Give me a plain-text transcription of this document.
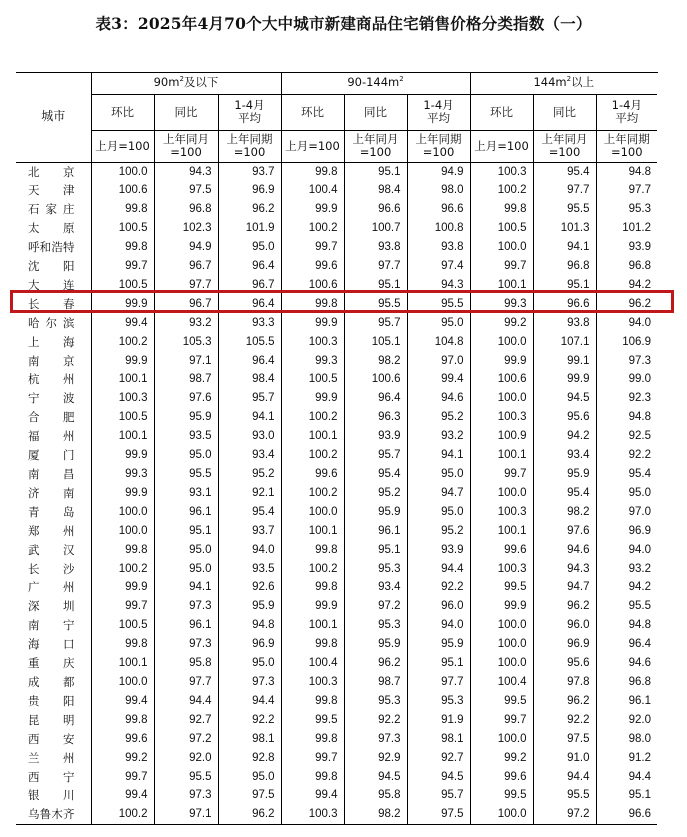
表3：2025年4月70个大中城市新建商品住宅销售价格分类指数（一）
城市	$90m^2$及以下			$90-144m^2$			$144m^2$以上		
	环比	同比	1-4月平均	环比	同比	1-4月平均	环比	同比	1-4月平均

	上月=100	上年同月=100	上年同期=100	上月=100	上年同月=100	上年同期=100	上月=100	上年同月=100	上年同期=100

北京	100.0	94.3	93.7	99.8	95.1	94.9	100.3	95.4	94.8
天津	100.6	97.5	96.9	100.4	98.4	98.0	100.2	97.7	97.7
石家庄	99.8	96.8	96.2	99.9	96.6	96.6	99.8	95.5	95.3
太原	100.5	102.3	101.9	100.2	100.7	100.8	100.5	101.3	101.2
呼和浩特	99.8	94.9	95.0	99.7	93.8	93.8	100.0	94.1	93.9
沈阳	99.7	96.7	96.4	99.6	97.7	97.4	99.7	96.8	96.8
大连	100.5	97.7	96.7	100.6	95.1	94.3	100.1	95.1	94.2
长春	99.9	96.7	96.4	99.8	95.5	95.5	99.3	96.6	96.2
哈尔滨	99.4	93.2	93.3	99.9	95.7	95.0	99.2	93.8	94.0
上海	100.2	105.3	105.5	100.3	105.1	104.8	100.0	107.1	106.9
南京	99.9	97.1	96.4	99.3	98.2	97.0	99.9	99.1	97.3
杭州	100.1	98.7	98.4	100.5	100.6	99.4	100.6	99.9	99.0
宁波	100.3	97.6	95.7	99.9	96.4	94.6	100.0	94.5	92.3
合肥	100.5	95.9	94.1	100.2	96.3	95.2	100.3	95.6	94.8
福州	100.1	93.5	93.0	100.1	93.9	93.2	100.9	94.2	92.5
厦门	99.9	95.0	93.4	100.2	95.7	94.1	100.1	93.4	92.2
南昌	99.3	95.5	95.2	99.6	95.4	95.0	99.7	95.9	95.4
济南	99.9	93.1	92.1	100.2	95.2	94.7	100.0	95.4	95.0
青岛	100.0	96.1	95.4	100.0	95.9	95.0	100.3	98.2	97.0
郑州	100.0	95.1	93.7	100.1	96.1	95.2	100.1	97.6	96.9
武汉	99.8	95.0	94.0	99.8	95.1	93.9	99.6	94.6	94.0
长沙	100.2	95.0	93.5	100.2	95.3	94.4	100.3	94.3	93.2
广州	99.9	94.1	92.6	99.8	93.4	92.2	99.5	94.7	94.2
深圳	99.7	97.3	95.9	99.9	97.2	96.0	99.9	96.2	95.5
南宁	100.5	96.1	94.8	100.1	95.3	94.0	100.0	96.0	94.8
海口	99.8	97.3	96.9	99.8	95.9	95.9	100.0	96.9	96.4
重庆	100.1	95.8	95.0	100.4	96.2	95.1	100.0	95.6	94.6
成都	100.0	97.7	97.3	100.3	98.7	97.7	100.4	97.8	96.8
贵阳	99.4	94.4	94.4	99.8	95.3	95.3	99.5	96.2	96.1
昆明	99.8	92.7	92.2	99.5	92.2	91.9	99.7	92.2	92.0
西安	99.6	97.2	98.1	99.8	97.3	98.1	100.0	97.5	98.0
兰州	99.2	92.0	92.8	99.7	92.9	92.7	99.2	91.0	91.2
西宁	99.7	95.5	95.0	99.8	94.5	94.5	99.6	94.4	94.4
银川	99.4	97.3	97.5	99.4	95.8	95.7	99.5	95.5	95.1
乌鲁木齐	100.2	97.1	96.2	100.3	98.2	97.5	100.0	97.2	96.6
